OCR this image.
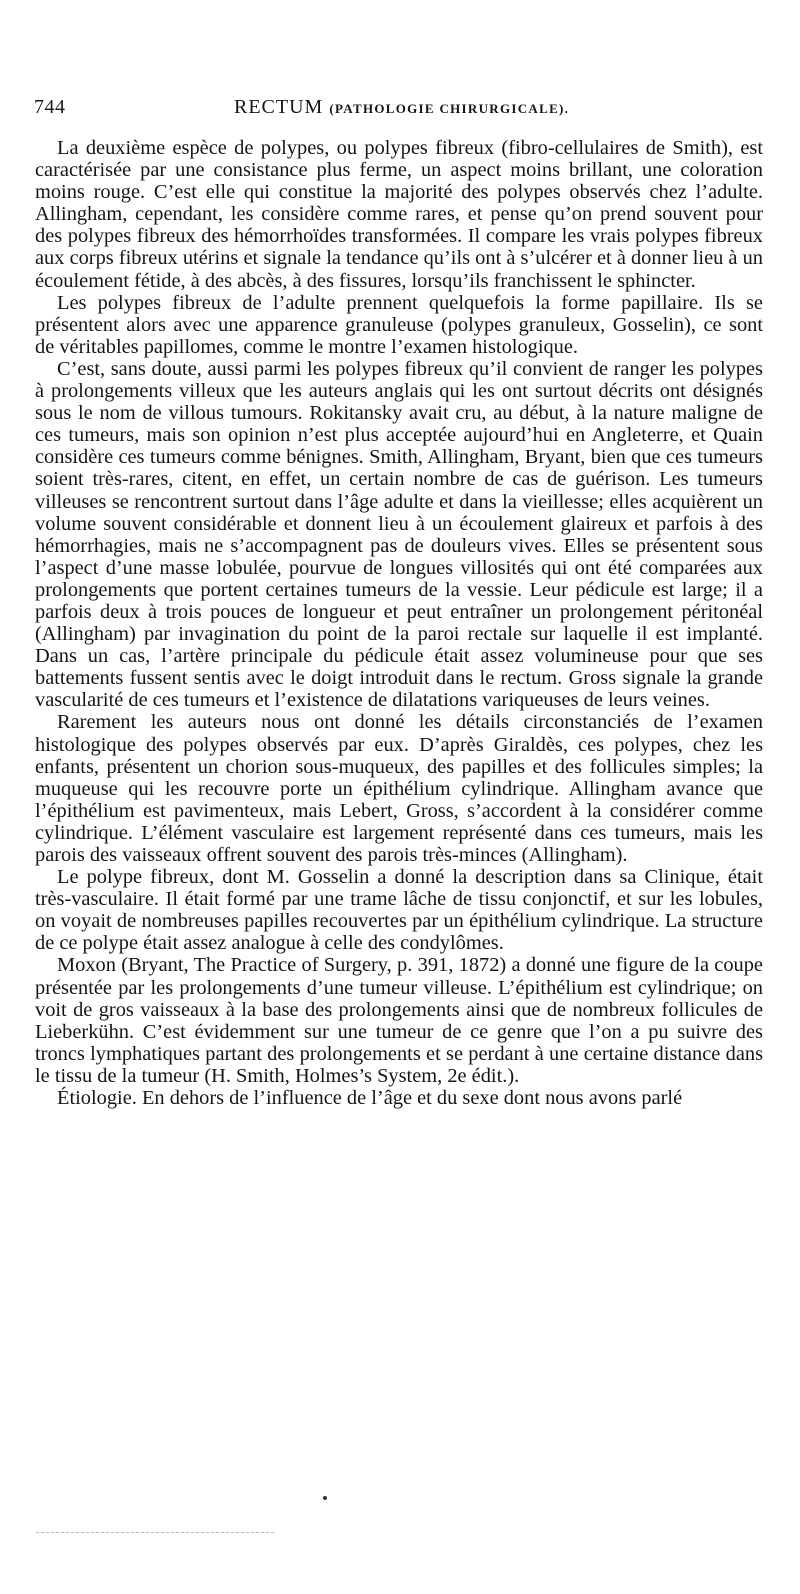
744	RECTUM (PATHOLOGIE CHIRURGICALE).

La deuxième espèce de polypes, ou polypes fibreux (fibro-cellulaires de Smith), est caractérisée par une consistance plus ferme, un aspect moins brillant, une coloration moins rouge. C’est elle qui constitue la majorité des polypes observés chez l’adulte. Allingham, cependant, les considère comme rares, et pense qu’on prend souvent pour des polypes fibreux des hémorrhoïdes transformées. Il compare les vrais polypes fibreux aux corps fibreux utérins et signale la tendance qu’ils ont à s’ulcérer et à donner lieu à un écoulement fétide, à des abcès, à des fissures, lorsqu’ils franchissent le sphincter.

Les polypes fibreux de l’adulte prennent quelquefois la forme papillaire. Ils se présentent alors avec une apparence granuleuse (polypes granuleux, Gosselin), ce sont de véritables papillomes, comme le montre l’examen histologique.

C’est, sans doute, aussi parmi les polypes fibreux qu’il convient de ranger les polypes à prolongements villeux que les auteurs anglais qui les ont surtout décrits ont désignés sous le nom de villous tumours. Rokitansky avait cru, au début, à la nature maligne de ces tumeurs, mais son opinion n’est plus acceptée aujourd’hui en Angleterre, et Quain considère ces tumeurs comme bénignes. Smith, Allingham, Bryant, bien que ces tumeurs soient très-rares, citent, en effet, un certain nombre de cas de guérison. Les tumeurs villeuses se rencontrent surtout dans l’âge adulte et dans la vieillesse; elles acquièrent un volume souvent considérable et donnent lieu à un écoulement glaireux et parfois à des hémorrhagies, mais ne s’accompagnent pas de douleurs vives. Elles se présentent sous l’aspect d’une masse lobulée, pourvue de longues villosités qui ont été comparées aux prolongements que portent certaines tumeurs de la vessie. Leur pédicule est large; il a parfois deux à trois pouces de longueur et peut entraîner un prolongement péritonéal (Allingham) par invagination du point de la paroi rectale sur laquelle il est implanté. Dans un cas, l’artère principale du pédicule était assez volumineuse pour que ses battements fussent sentis avec le doigt introduit dans le rectum. Gross signale la grande vascularité de ces tumeurs et l’existence de dilatations variqueuses de leurs veines.

Rarement les auteurs nous ont donné les détails circonstanciés de l’examen histologique des polypes observés par eux. D’après Giraldès, ces polypes, chez les enfants, présentent un chorion sous-muqueux, des papilles et des follicules simples; la muqueuse qui les recouvre porte un épithélium cylindrique. Allingham avance que l’épithélium est pavimenteux, mais Lebert, Gross, s’accordent à la considérer comme cylindrique. L’élément vasculaire est largement représenté dans ces tumeurs, mais les parois des vaisseaux offrent souvent des parois très-minces (Allingham).

Le polype fibreux, dont M. Gosselin a donné la description dans sa Clinique, était très-vasculaire. Il était formé par une trame lâche de tissu conjonctif, et sur les lobules, on voyait de nombreuses papilles recouvertes par un épithélium cylindrique. La structure de ce polype était assez analogue à celle des condylômes.

Moxon (Bryant, The Practice of Surgery, p. 391, 1872) a donné une figure de la coupe présentée par les prolongements d’une tumeur villeuse. L’épithélium est cylindrique; on voit de gros vaisseaux à la base des prolongements ainsi que de nombreux follicules de Lieberkühn. C’est évidemment sur une tumeur de ce genre que l’on a pu suivre des troncs lymphatiques partant des prolongements et se perdant à une certaine distance dans le tissu de la tumeur (H. Smith, Holmes’s System, 2e édit.).

Étiologie. En dehors de l’influence de l’âge et du sexe dont nous avons parlé
